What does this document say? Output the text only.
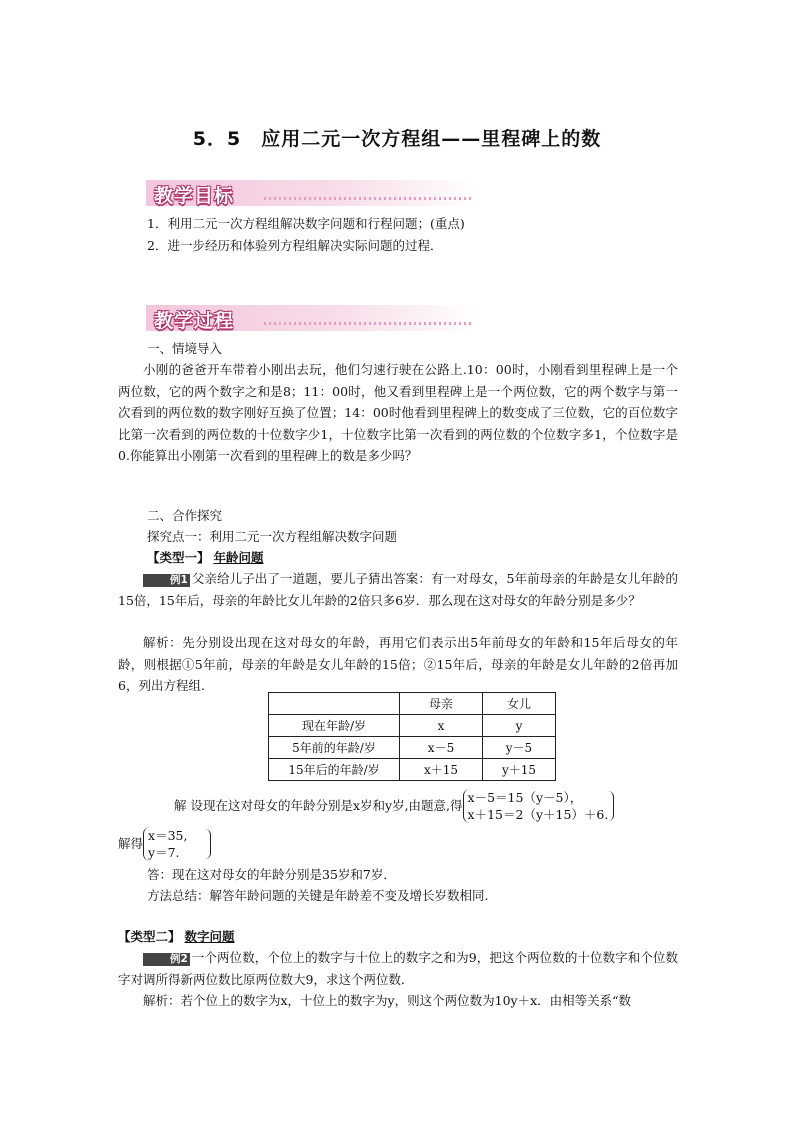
5．5　应用二元一次方程组——里程碑上的数
教学目标
1．利用二元一次方程组解决数字问题和行程问题；(重点)
2．进一步经历和体验列方程组解决实际问题的过程．
教学过程
一、情境导入

小刚的爸爸开车带着小刚出去玩，他们匀速行驶在公路上.10：00时，小刚看到里程碑上是一个两位数，它的两个数字之和是8；11：00时，他又看到里程碑上是一个两位数，它的两个数字与第一次看到的两位数的数字刚好互换了位置；14：00时他看到里程碑上的数变成了三位数，它的百位数字比第一次看到的两位数的十位数字少1，十位数字比第一次看到的两位数的个位数字多1，个位数字是0.你能算出小刚第一次看到的里程碑上的数是多少吗？

二、合作探究
探究点一：利用二元一次方程组解决数字问题
【类型一】 年龄问题

例1 父亲给儿子出了一道题，要儿子猜出答案：有一对母女，5年前母亲的年龄是女儿年龄的15倍，15年后，母亲的年龄比女儿年龄的2倍只多6岁．那么现在这对母女的年龄分别是多少？

解析：先分别设出现在这对母女的年龄，再用它们表示出5年前母女的年龄和15年后母女的年龄，则根据①5年前，母亲的年龄是女儿年龄的15倍；②15年后，母亲的年龄是女儿年龄的2倍再加6，列出方程组.

	母亲	女儿
现在年龄/岁	x	y
5年前的年龄/岁	x－5	y－5
15年后的年龄/岁	x＋15	y＋15
解 设现在这对母女的年龄分别是x岁和y岁,由题意,得
x－5＝15（y－5），
x＋15＝2（y＋15）＋6.
解得
x＝35,
y＝7.
答：现在这对母女的年龄分别是35岁和7岁．
方法总结：解答年龄问题的关键是年龄差不变及增长岁数相同.
【类型二】 数字问题

例2 一个两位数，个位上的数字与十位上的数字之和为9，把这个两位数的十位数字和个位数字对调所得新两位数比原两位数大9，求这个两位数．

解析：若个位上的数字为x，十位上的数字为y，则这个两位数为10y＋x．由相等关系“数
